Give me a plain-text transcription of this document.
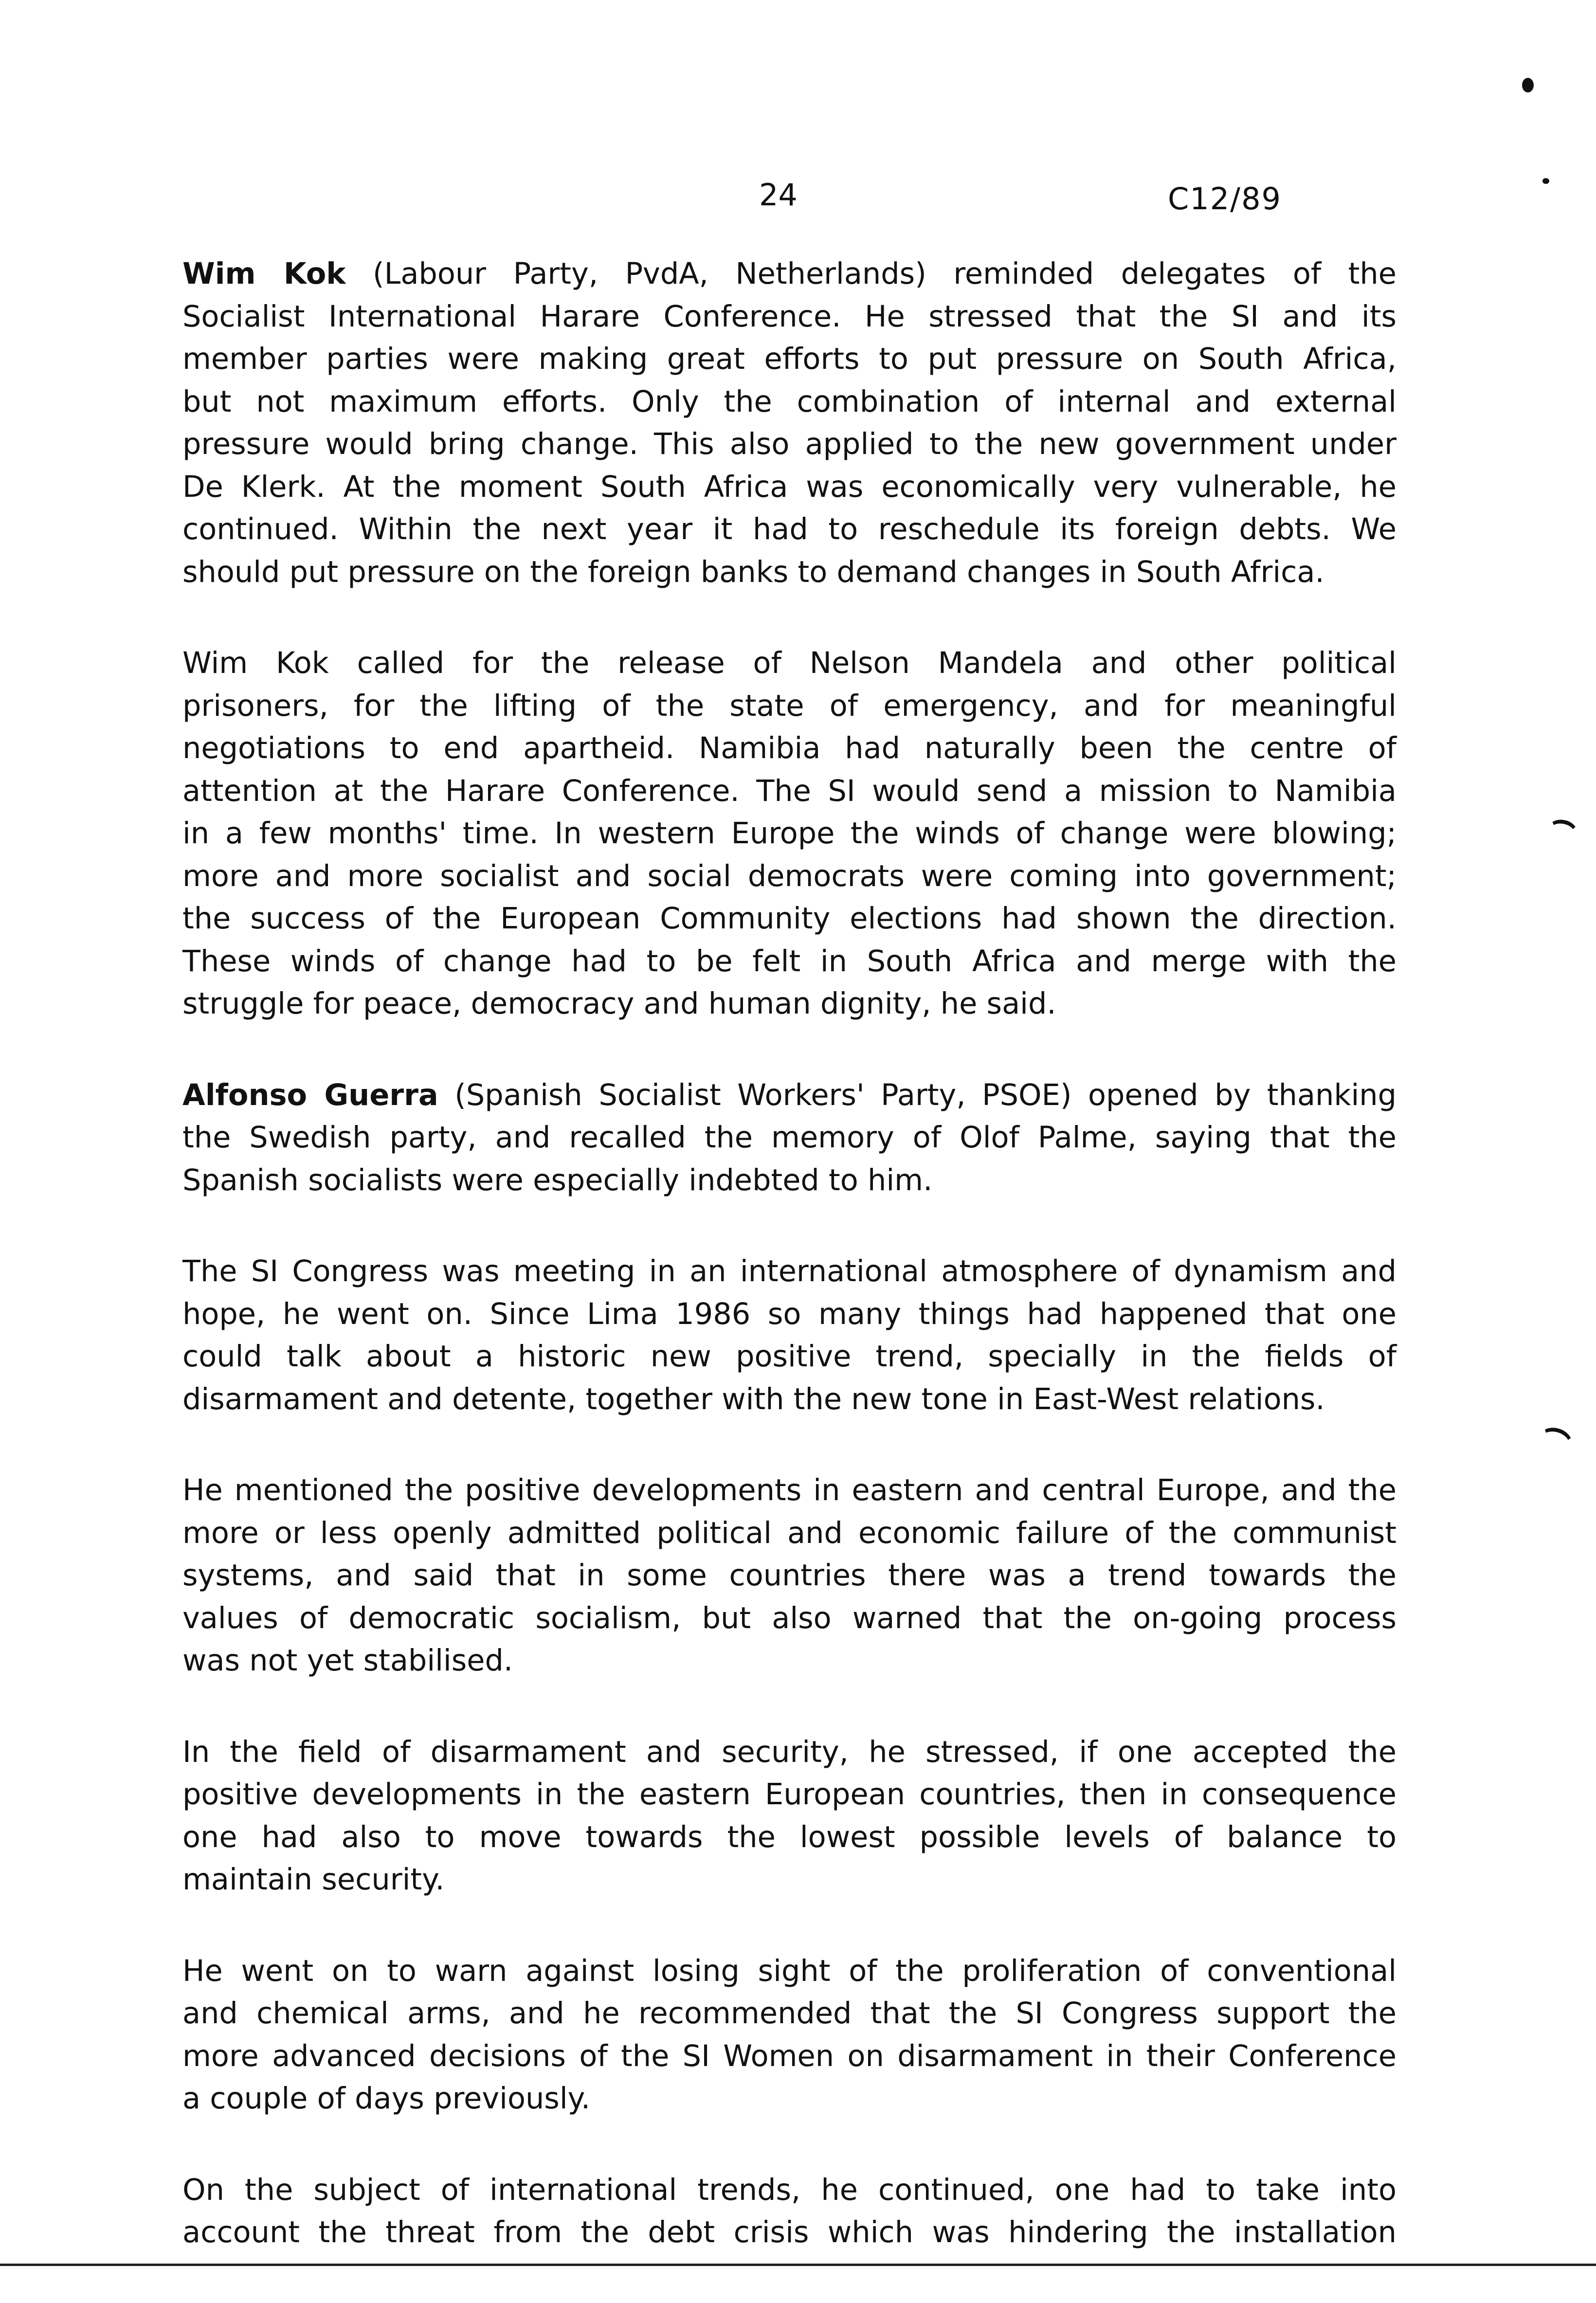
24	C12/89

Wim Kok (Labour Party, PvdA, Netherlands) reminded delegates of the
Socialist International Harare Conference. He stressed that the SI and its
member parties were making great efforts to put pressure on South Africa,
but not maximum efforts. Only the combination of internal and external
pressure would bring change. This also applied to the new government under
De Klerk. At the moment South Africa was economically very vulnerable, he
continued. Within the next year it had to reschedule its foreign debts. We
should put pressure on the foreign banks to demand changes in South Africa.

Wim Kok called for the release of Nelson Mandela and other political
prisoners, for the lifting of the state of emergency, and for meaningful
negotiations to end apartheid. Namibia had naturally been the centre of
attention at the Harare Conference. The SI would send a mission to Namibia
in a few months' time. In western Europe the winds of change were blowing;
more and more socialist and social democrats were coming into government;
the success of the European Community elections had shown the direction.
These winds of change had to be felt in South Africa and merge with the
struggle for peace, democracy and human dignity, he said.

Alfonso Guerra (Spanish Socialist Workers' Party, PSOE) opened by thanking
the Swedish party, and recalled the memory of Olof Palme, saying that the
Spanish socialists were especially indebted to him.

The SI Congress was meeting in an international atmosphere of dynamism and
hope, he went on. Since Lima 1986 so many things had happened that one
could talk about a historic new positive trend, specially in the fields of
disarmament and detente, together with the new tone in East-West relations.

He mentioned the positive developments in eastern and central Europe, and the
more or less openly admitted political and economic failure of the communist
systems, and said that in some countries there was a trend towards the
values of democratic socialism, but also warned that the on-going process
was not yet stabilised.

In the field of disarmament and security, he stressed, if one accepted the
positive developments in the eastern European countries, then in consequence
one had also to move towards the lowest possible levels of balance to
maintain security.

He went on to warn against losing sight of the proliferation of conventional
and chemical arms, and he recommended that the SI Congress support the
more advanced decisions of the SI Women on disarmament in their Conference
a couple of days previously.

On the subject of international trends, he continued, one had to take into
account the threat from the debt crisis which was hindering the installation
